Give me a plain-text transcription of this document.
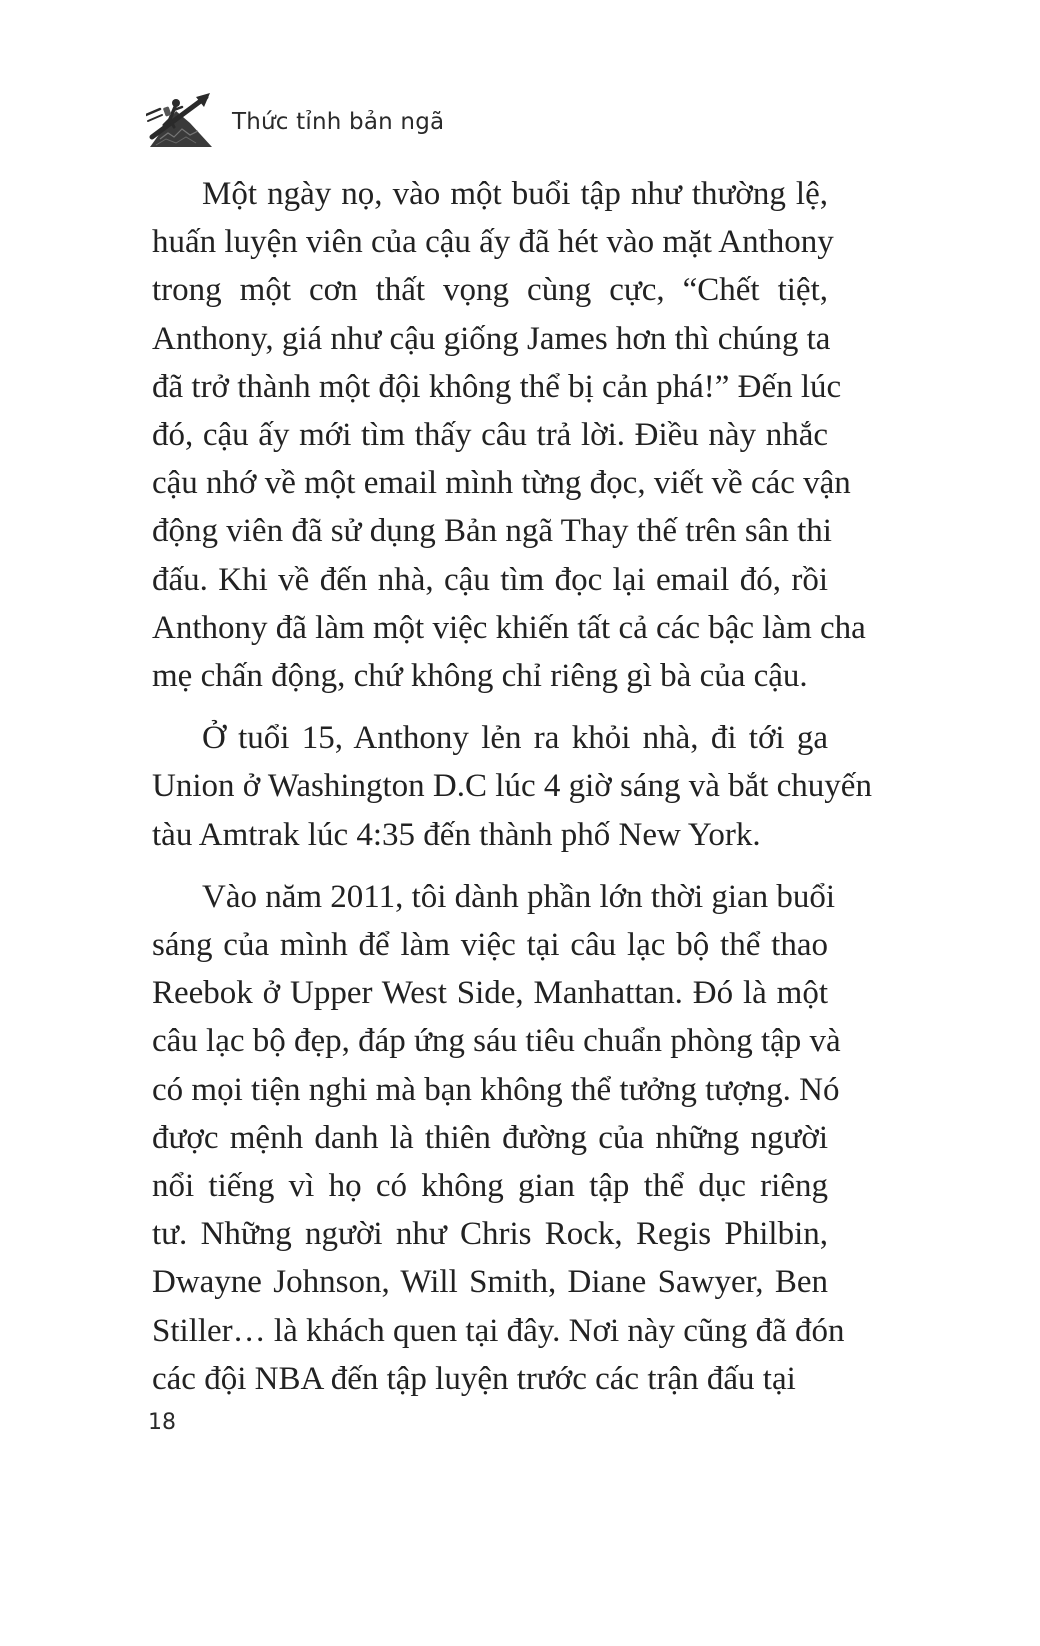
Thức tỉnh bản ngã

Một ngày nọ, vào một buổi tập như thường lệ,
huấn luyện viên của cậu ấy đã hét vào mặt Anthony
trong một cơn thất vọng cùng cực, “Chết tiệt,
Anthony, giá như cậu giống James hơn thì chúng ta
đã trở thành một đội không thể bị cản phá!” Đến lúc
đó, cậu ấy mới tìm thấy câu trả lời. Điều này nhắc
cậu nhớ về một email mình từng đọc, viết về các vận
động viên đã sử dụng Bản ngã Thay thế trên sân thi
đấu. Khi về đến nhà, cậu tìm đọc lại email đó, rồi
Anthony đã làm một việc khiến tất cả các bậc làm cha
mẹ chấn động, chứ không chỉ riêng gì bà của cậu.

Ở tuổi 15, Anthony lẻn ra khỏi nhà, đi tới ga
Union ở Washington D.C lúc 4 giờ sáng và bắt chuyến
tàu Amtrak lúc 4:35 đến thành phố New York.

Vào năm 2011, tôi dành phần lớn thời gian buổi
sáng của mình để làm việc tại câu lạc bộ thể thao
Reebok ở Upper West Side, Manhattan. Đó là một
câu lạc bộ đẹp, đáp ứng sáu tiêu chuẩn phòng tập và
có mọi tiện nghi mà bạn không thể tưởng tượng. Nó
được mệnh danh là thiên đường của những người
nổi tiếng vì họ có không gian tập thể dục riêng
tư. Những người như Chris Rock, Regis Philbin,
Dwayne Johnson, Will Smith, Diane Sawyer, Ben
Stiller… là khách quen tại đây. Nơi này cũng đã đón
các đội NBA đến tập luyện trước các trận đấu tại

18
